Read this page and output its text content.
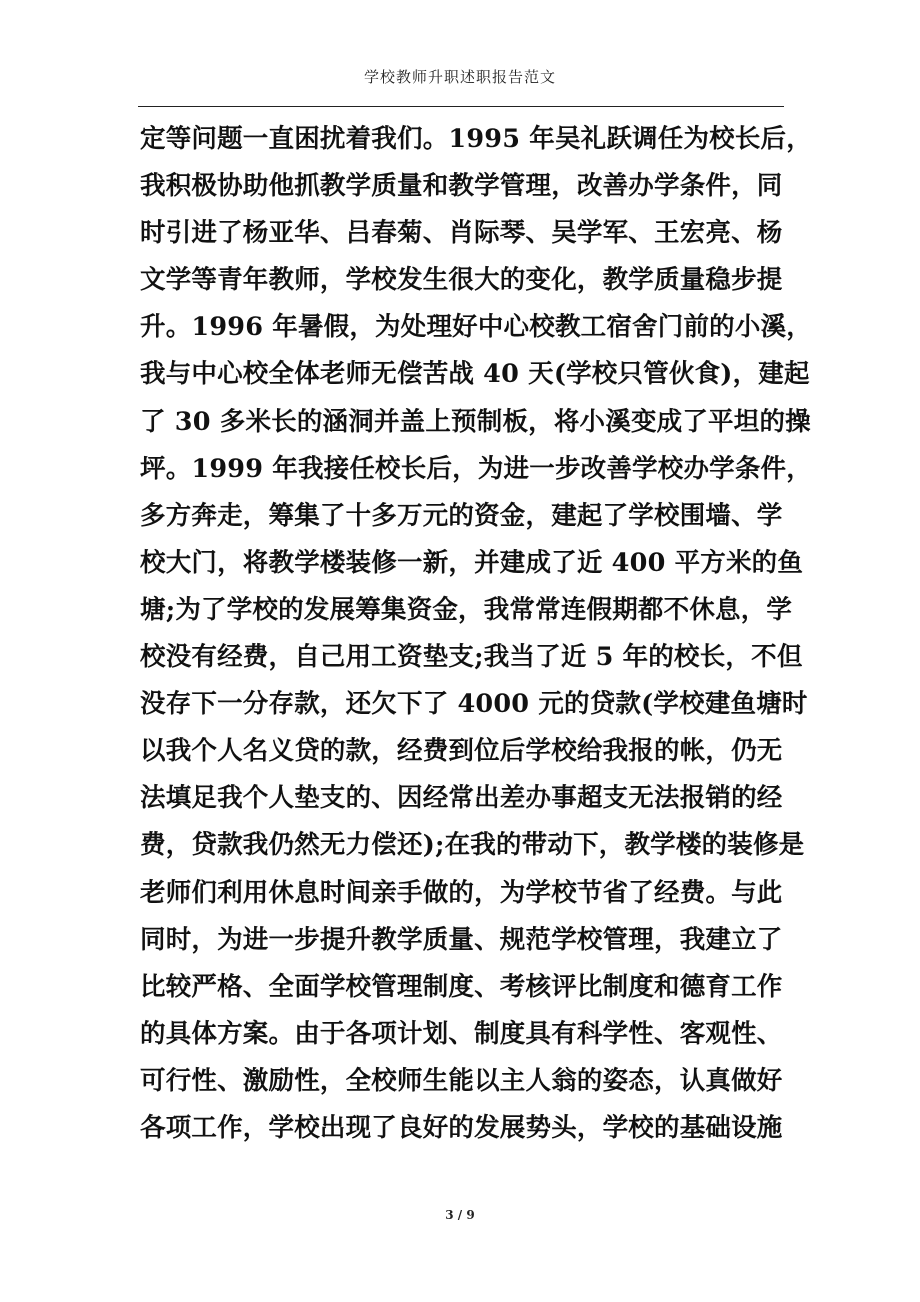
学校教师升职述职报告范文
定等问题一直困扰着我们。1995 年吴礼跃调任为校长后，
我积极协助他抓教学质量和教学管理，改善办学条件，同
时引进了杨亚华、吕春菊、肖际琴、吴学军、王宏亮、杨
文学等青年教师，学校发生很大的变化，教学质量稳步提
升。1996 年暑假，为处理好中心校教工宿舍门前的小溪，
我与中心校全体老师无偿苦战 40 天(学校只管伙食)，建起
了 30 多米长的涵洞并盖上预制板，将小溪变成了平坦的操
坪。1999 年我接任校长后，为进一步改善学校办学条件，
多方奔走，筹集了十多万元的资金，建起了学校围墙、学
校大门，将教学楼装修一新，并建成了近 400 平方米的鱼
塘;为了学校的发展筹集资金，我常常连假期都不休息，学
校没有经费，自己用工资垫支;我当了近 5 年的校长，不但
没存下一分存款，还欠下了 4000 元的贷款(学校建鱼塘时
以我个人名义贷的款，经费到位后学校给我报的帐，仍无
法填足我个人垫支的、因经常出差办事超支无法报销的经
费，贷款我仍然无力偿还);在我的带动下，教学楼的装修是
老师们利用休息时间亲手做的，为学校节省了经费。与此
同时，为进一步提升教学质量、规范学校管理，我建立了
比较严格、全面学校管理制度、考核评比制度和德育工作
的具体方案。由于各项计划、制度具有科学性、客观性、
可行性、激励性，全校师生能以主人翁的姿态，认真做好
各项工作，学校出现了良好的发展势头，学校的基础设施
3 / 9
